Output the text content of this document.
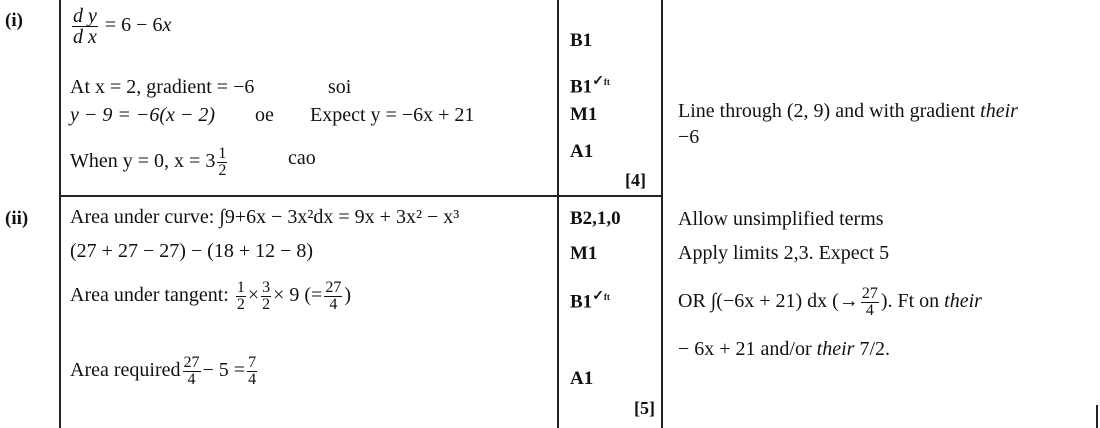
$(i) \frac{\text{d y}}{\text{d x}} = 6 - 6x$
At x = 2, gradient = −6	soi
y − 9 = −6(x − 2) oe Expect y = −6x + 21
When y = 0, $x = 3 \frac{1}{2}$	cao
B1
$B1^{✓ft}$
M1
A1
[4]
Line through (2, 9) and with gradient their
−6
(ii) Area under curve: ∫9+6x − 3x²dx = 9x + 3x² − x³
(27 + 27 − 27) − (18 + 12 − 8)
Area under tangent: $\frac{1}{2} \times \frac{3}{2} \times 9$ (= $\frac{27}{4}$ )
Area required $\frac{27}{4} - 5 = \frac{7}{4}$
B2,1,0
M1
$B1^{✓ft}$
A1
[5]
Allow unsimplified terms
Apply limits 2,3. Expect 5
OR ∫(−6x + 21) dx (→ $\frac{27}{4}$ ). Ft on their
− 6x + 21 and/or their 7/2.
